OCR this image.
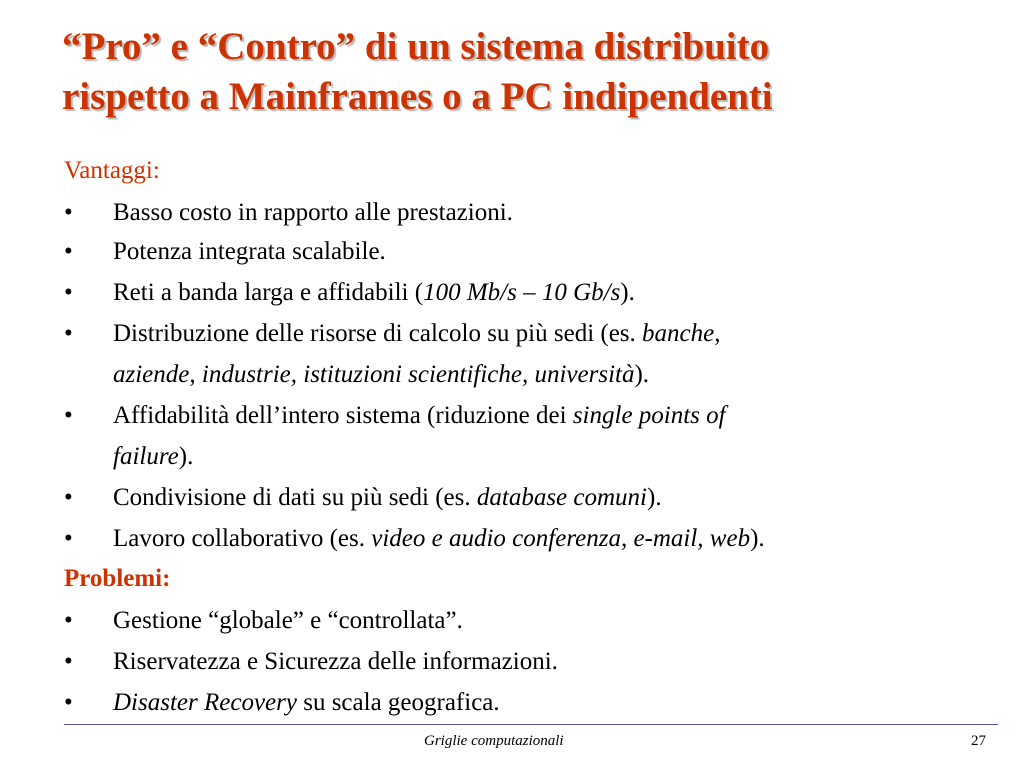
“Pro” e “Contro” di un sistema distribuito
rispetto a Mainframes o a PC indipendenti
Vantaggi:
•	Basso costo in rapporto alle prestazioni.
•	Potenza integrata scalabile.
•	Reti a banda larga e affidabili (100 Mb/s – 10 Gb/s).
•	Distribuzione delle risorse di calcolo su più sedi (es. banche,
aziende, industrie, istituzioni scientifiche, università).
•	Affidabilità dell’intero sistema (riduzione dei single points of
failure).
•	Condivisione di dati su più sedi (es. database comuni).
•	Lavoro collaborativo (es. video e audio conferenza, e-mail, web).
Problemi:
•	Gestione “globale” e “controllata”.
•	Riservatezza e Sicurezza delle informazioni.
•	Disaster Recovery su scala geografica.
Griglie computazionali	27
